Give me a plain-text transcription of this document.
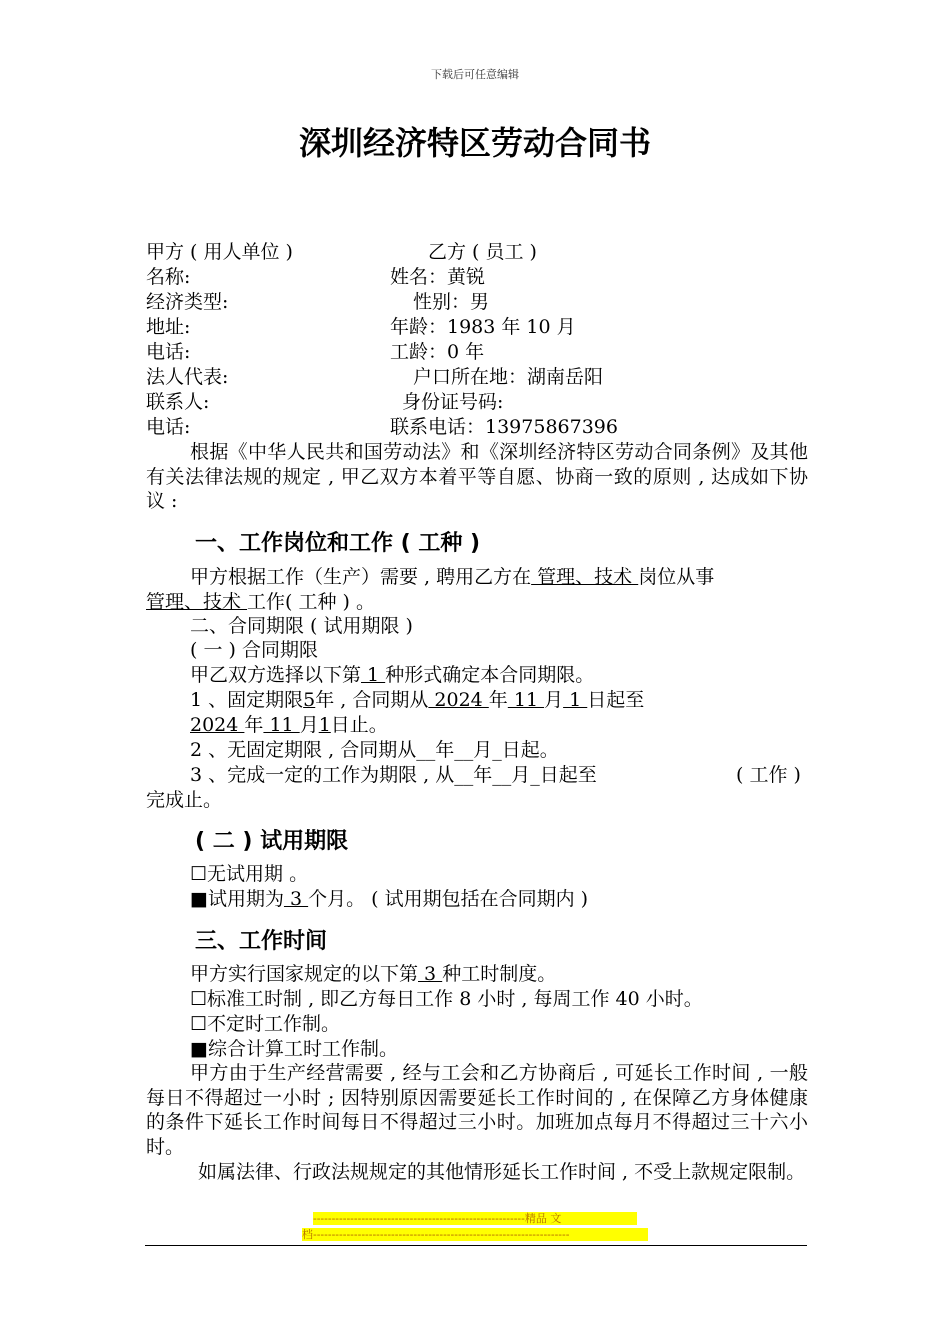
下载后可任意编辑
深圳经济特区劳动合同书
甲方 ( 用人单位 )	乙方 ( 员工 )
名称:	姓名：黄锐
经济类型:	性别：男
地址:	年龄：1983 年 10 月
电话:	工龄：0 年
法人代表:	户口所在地：湖南岳阳
联系人:	身份证号码:
电话:	联系电话：13975867396
根据《中华人民共和国劳动法》和《深圳经济特区劳动合同条例》及其他有关法律法规的规定 , 甲乙双方本着平等自愿、协商一致的原则 , 达成如下协议 :
一、工作岗位和工作 ( 工种 )
甲方根据工作（生产）需要 , 聘用乙方在 管理、技术 岗位从事
管理、技术 工作( 工种 ) 。
二、合同期限 ( 试用期限 )
( 一 ) 合同期限
甲乙双方选择以下第 1 种形式确定本合同期限。
1 、固定期限5年 , 合同期从 2024 年 11 月 1 日起至
2024 年 11 月1日止。
2 、无固定期限 , 合同期从__年__月_日起。
3 、完成一定的工作为期限 , 从__年__月_日起至	( 工作 )
完成止。
( 二 ) 试用期限
☐无试用期 。
■试用期为 3 个月。 ( 试用期包括在合同期内 )
三、工作时间
甲方实行国家规定的以下第 3 种工时制度。
☐标准工时制 , 即乙方每日工作 8 小时 , 每周工作 40 小时。
☐不定时工作制。
■综合计算工时工作制。
甲方由于生产经营需要 , 经与工会和乙方协商后 , 可延长工作时间 , 一般每日不得超过一小时 ; 因特别原因需要延长工作时间的 , 在保障乙方身体健康的条件下延长工作时间每日不得超过三小时。加班加点每月不得超过三十六小时。
如属法律、行政法规规定的其他情形延长工作时间 , 不受上款规定限制。
---------------------------------------------------------精品 文
档---------------------------------------------------------------------
